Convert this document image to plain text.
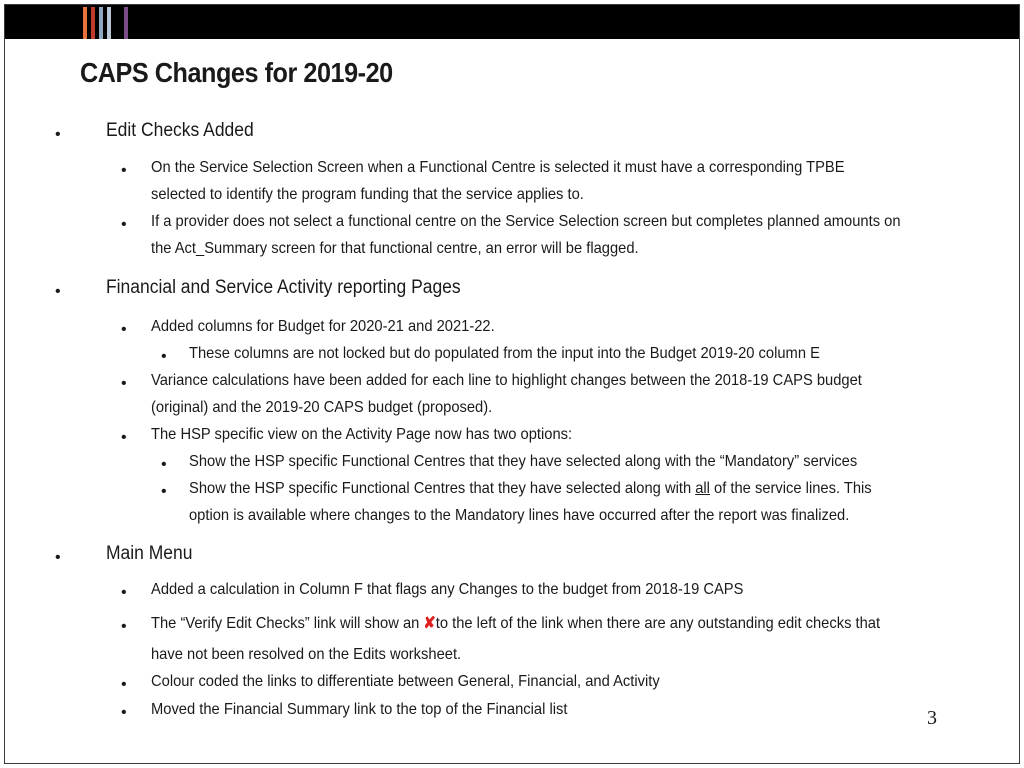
CAPS Changes for 2019-20
• Edit Checks Added
• On the Service Selection Screen when a Functional Centre is selected it must have a corresponding TPBE
selected to identify the program funding that the service applies to.
• If a provider does not select a functional centre on the Service Selection screen but completes planned amounts on
the Act_Summary screen for that functional centre, an error will be flagged.
• Financial and Service Activity reporting Pages
• Added columns for Budget for 2020-21 and 2021-22.
• These columns are not locked but do populated from the input into the Budget 2019-20 column E
• Variance calculations have been added for each line to highlight changes between the 2018-19 CAPS budget
(original) and the 2019-20 CAPS budget (proposed).
• The HSP specific view on the Activity Page now has two options:
• Show the HSP specific Functional Centres that they have selected along with the “Mandatory” services
• Show the HSP specific Functional Centres that they have selected along with all of the service lines. This
option is available where changes to the Mandatory lines have occurred after the report was finalized.
• Main Menu
• Added a calculation in Column F that flags any Changes to the budget from 2018-19 CAPS
• The “Verify Edit Checks” link will show an ✘to the left of the link when there are any outstanding edit checks that
have not been resolved on the Edits worksheet.
• Colour coded the links to differentiate between General, Financial, and Activity
• Moved the Financial Summary link to the top of the Financial list	3
